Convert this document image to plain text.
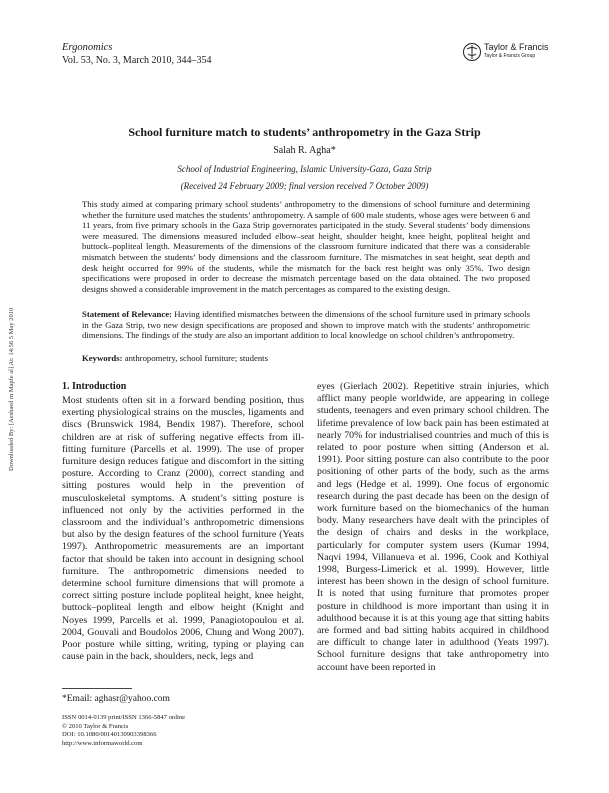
Ergonomics
Vol. 53, No. 3, March 2010, 344–354
Taylor & Francis
Taylor & Francis Group
Downloaded By: [Aeshaed m Mapfe al] At: 14:56 5 May 2010
School furniture match to students’ anthropometry in the Gaza Strip
Salah R. Agha*
School of Industrial Engineering, Islamic University-Gaza, Gaza Strip
(Received 24 February 2009; final version received 7 October 2009)
This study aimed at comparing primary school students’ anthropometry to the dimensions of school furniture and determining whether the furniture used matches the students’ anthropometry. A sample of 600 male students, whose ages were between 6 and 11 years, from five primary schools in the Gaza Strip governorates participated in the study. Several students’ body dimensions were measured. The dimensions measured included elbow–seat height, shoulder height, knee height, popliteal height and buttock–popliteal length. Measurements of the dimensions of the classroom furniture indicated that there was a considerable mismatch between the students’ body dimensions and the classroom furniture. The mismatches in seat height, seat depth and desk height occurred for 99% of the students, while the mismatch for the back rest height was only 35%. Two design specifications were proposed in order to decrease the mismatch percentage based on the data obtained. The two proposed designs showed a considerable improvement in the match percentages as compared to the existing design.
Statement of Relevance: Having identified mismatches between the dimensions of the school furniture used in primary schools in the Gaza Strip, two new design specifications are proposed and shown to improve match with the students’ anthropometric dimensions. The findings of the study are also an important addition to local knowledge on school children’s anthropometry.
Keywords: anthropometry, school furniture; students
1. Introduction
Most students often sit in a forward bending position, thus exerting physiological strains on the muscles, ligaments and discs (Brunswick 1984, Bendix 1987). Therefore, school children are at risk of suffering negative effects from ill-fitting furniture (Parcells et al. 1999). The use of proper furniture design reduces fatigue and discomfort in the sitting posture. According to Cranz (2000), correct standing and sitting postures would help in the prevention of musculoskeletal symptoms. A student’s sitting posture is influenced not only by the activities performed in the classroom and the individual’s anthropometric dimensions but also by the design features of the school furniture (Yeats 1997). Anthropometric measurements are an important factor that should be taken into account in designing school furniture. The anthropometric dimensions needed to determine school furniture dimensions that will promote a correct sitting posture include popliteal height, knee height, buttock–popliteal length and elbow height (Knight and Noyes 1999, Parcells et al. 1999, Panagiotopoulou et al. 2004, Gouvali and Boudolos 2006, Chung and Wong 2007). Poor posture while sitting, writing, typing or playing can cause pain in the back, shoulders, neck, legs and
eyes (Gierlach 2002). Repetitive strain injuries, which afflict many people worldwide, are appearing in college students, teenagers and even primary school children. The lifetime prevalence of low back pain has been estimated at nearly 70% for industrialised countries and much of this is related to poor posture when sitting (Anderson et al. 1991). Poor sitting posture can also contribute to the poor positioning of other parts of the body, such as the arms and legs (Hedge et al. 1999). One focus of ergonomic research during the past decade has been on the design of work furniture based on the biomechanics of the human body. Many researchers have dealt with the principles of the design of chairs and desks in the workplace, particularly for computer system users (Kumar 1994, Naqvi 1994, Villanueva et al. 1996, Cook and Kothiyal 1998, Burgess-Limerick et al. 1999). However, little interest has been shown in the design of school furniture. It is noted that using furniture that promotes proper posture in childhood is more important than using it in adulthood because it is at this young age that sitting habits are formed and bad sitting habits acquired in childhood are difficult to change later in adulthood (Yeats 1997). School furniture designs that take anthropometry into account have been reported in
*Email: aghasr@yahoo.com
ISSN 0014-0139 print/ISSN 1366-5847 online
© 2010 Taylor & Francis
DOI: 10.1080/00140130903398366
http://www.informaworld.com
